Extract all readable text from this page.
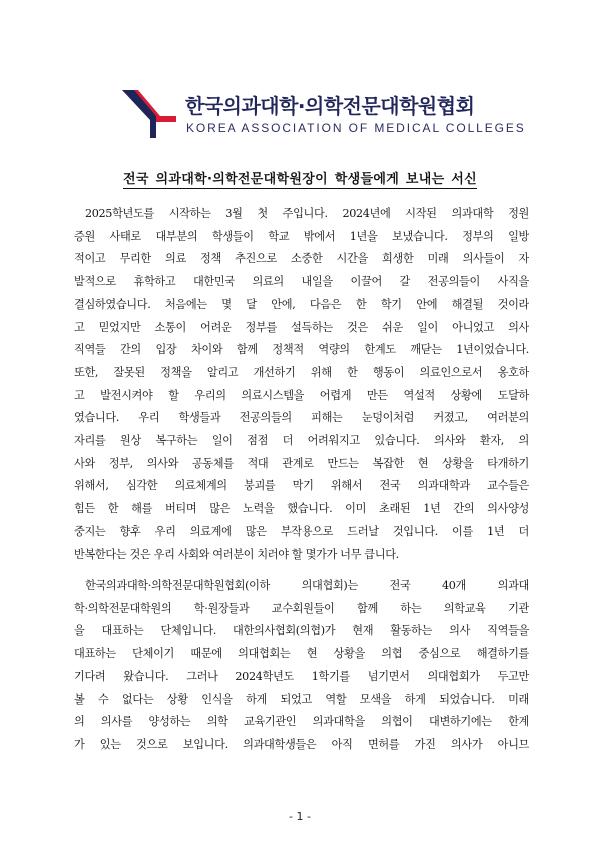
한국의과대학·의학전문대학원협회
KOREA ASSOCIATION OF MEDICAL COLLEGES
전국 의과대학·의학전문대학원장이 학생들에게 보내는 서신
2025학년도를 시작하는 3월 첫 주입니다. 2024년에 시작된 의과대학 정원
증원 사태로 대부분의 학생들이 학교 밖에서 1년을 보냈습니다. 정부의 일방
적이고 무리한 의료 정책 추진으로 소중한 시간을 희생한 미래 의사들이 자
발적으로 휴학하고 대한민국 의료의 내일을 이끌어 갈 전공의들이 사직을
결심하였습니다. 처음에는 몇 달 안에, 다음은 한 학기 안에 해결될 것이라
고 믿었지만 소통이 어려운 정부를 설득하는 것은 쉬운 일이 아니었고 의사
직역들 간의 입장 차이와 함께 정책적 역량의 한계도 깨닫는 1년이었습니다.
또한, 잘못된 정책을 알리고 개선하기 위해 한 행동이 의료인으로서 옹호하
고 발전시켜야 할 우리의 의료시스템을 어렵게 만든 역설적 상황에 도달하
였습니다. 우리 학생들과 전공의들의 피해는 눈덩이처럼 커졌고, 여러분의
자리를 원상 복구하는 일이 점점 더 어려워지고 있습니다. 의사와 환자, 의
사와 정부, 의사와 공동체를 적대 관계로 만드는 복잡한 현 상황을 타개하기
위해서, 심각한 의료체계의 붕괴를 막기 위해서 전국 의과대학과 교수들은
힘든 한 해를 버티며 많은 노력을 했습니다. 이미 초래된 1년 간의 의사양성
중지는 향후 우리 의료계에 많은 부작용으로 드러날 것입니다. 이를 1년 더
반복한다는 것은 우리 사회와 여러분이 치러야 할 몇가가 너무 큽니다.
한국의과대학·의학전문대학원협회(이하 의대협회)는 전국 40개 의과대
학·의학전문대학원의 학·원장들과 교수회원들이 함께 하는 의학교육 기관
을 대표하는 단체입니다. 대한의사협회(의협)가 현재 활동하는 의사 직역들을
대표하는 단체이기 때문에 의대협회는 현 상황을 의협 중심으로 해결하기를
기다려 왔습니다. 그러나 2024학년도 1학기를 넘기면서 의대협회가 두고만
볼 수 없다는 상황 인식을 하게 되었고 역할 모색을 하게 되었습니다. 미래
의 의사를 양성하는 의학 교육기관인 의과대학을 의협이 대변하기에는 한계
가 있는 것으로 보입니다. 의과대학생들은 아직 면허를 가진 의사가 아니므
- 1 -
